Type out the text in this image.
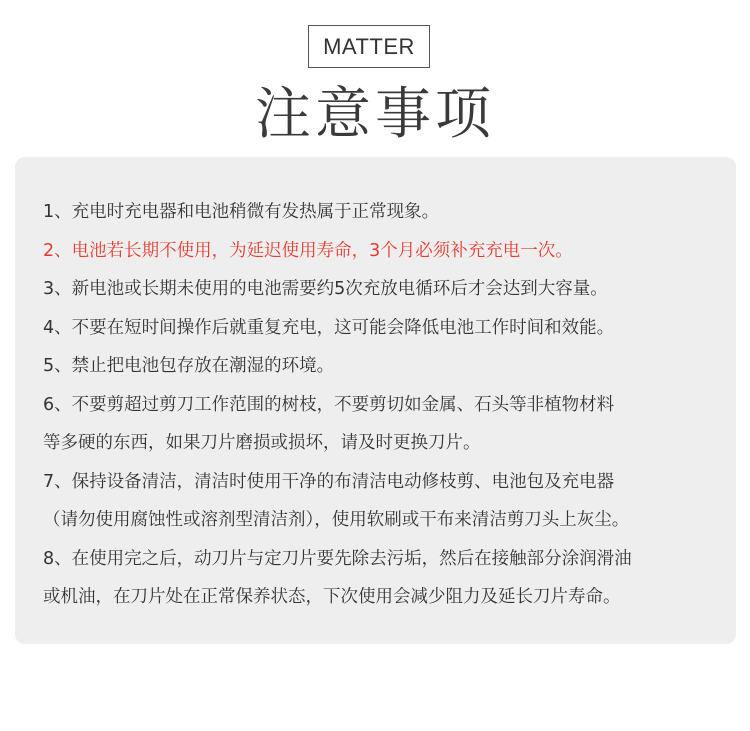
MATTER
注意事项
1、充电时充电器和电池稍微有发热属于正常现象。
2、电池若长期不使用，为延迟使用寿命，3个月必须补充充电一次。
3、新电池或长期未使用的电池需要约5次充放电循环后才会达到大容量。
4、不要在短时间操作后就重复充电，这可能会降低电池工作时间和效能。
5、禁止把电池包存放在潮湿的环境。
6、不要剪超过剪刀工作范围的树枝，不要剪切如金属、石头等非植物材料
等多硬的东西，如果刀片磨损或损坏，请及时更换刀片。
7、保持设备清洁，清洁时使用干净的布清洁电动修枝剪、电池包及充电器
（请勿使用腐蚀性或溶剂型清洁剂），使用软刷或干布来清洁剪刀头上灰尘。
8、在使用完之后，动刀片与定刀片要先除去污垢，然后在接触部分涂润滑油
或机油，在刀片处在正常保养状态，下次使用会减少阻力及延长刀片寿命。
